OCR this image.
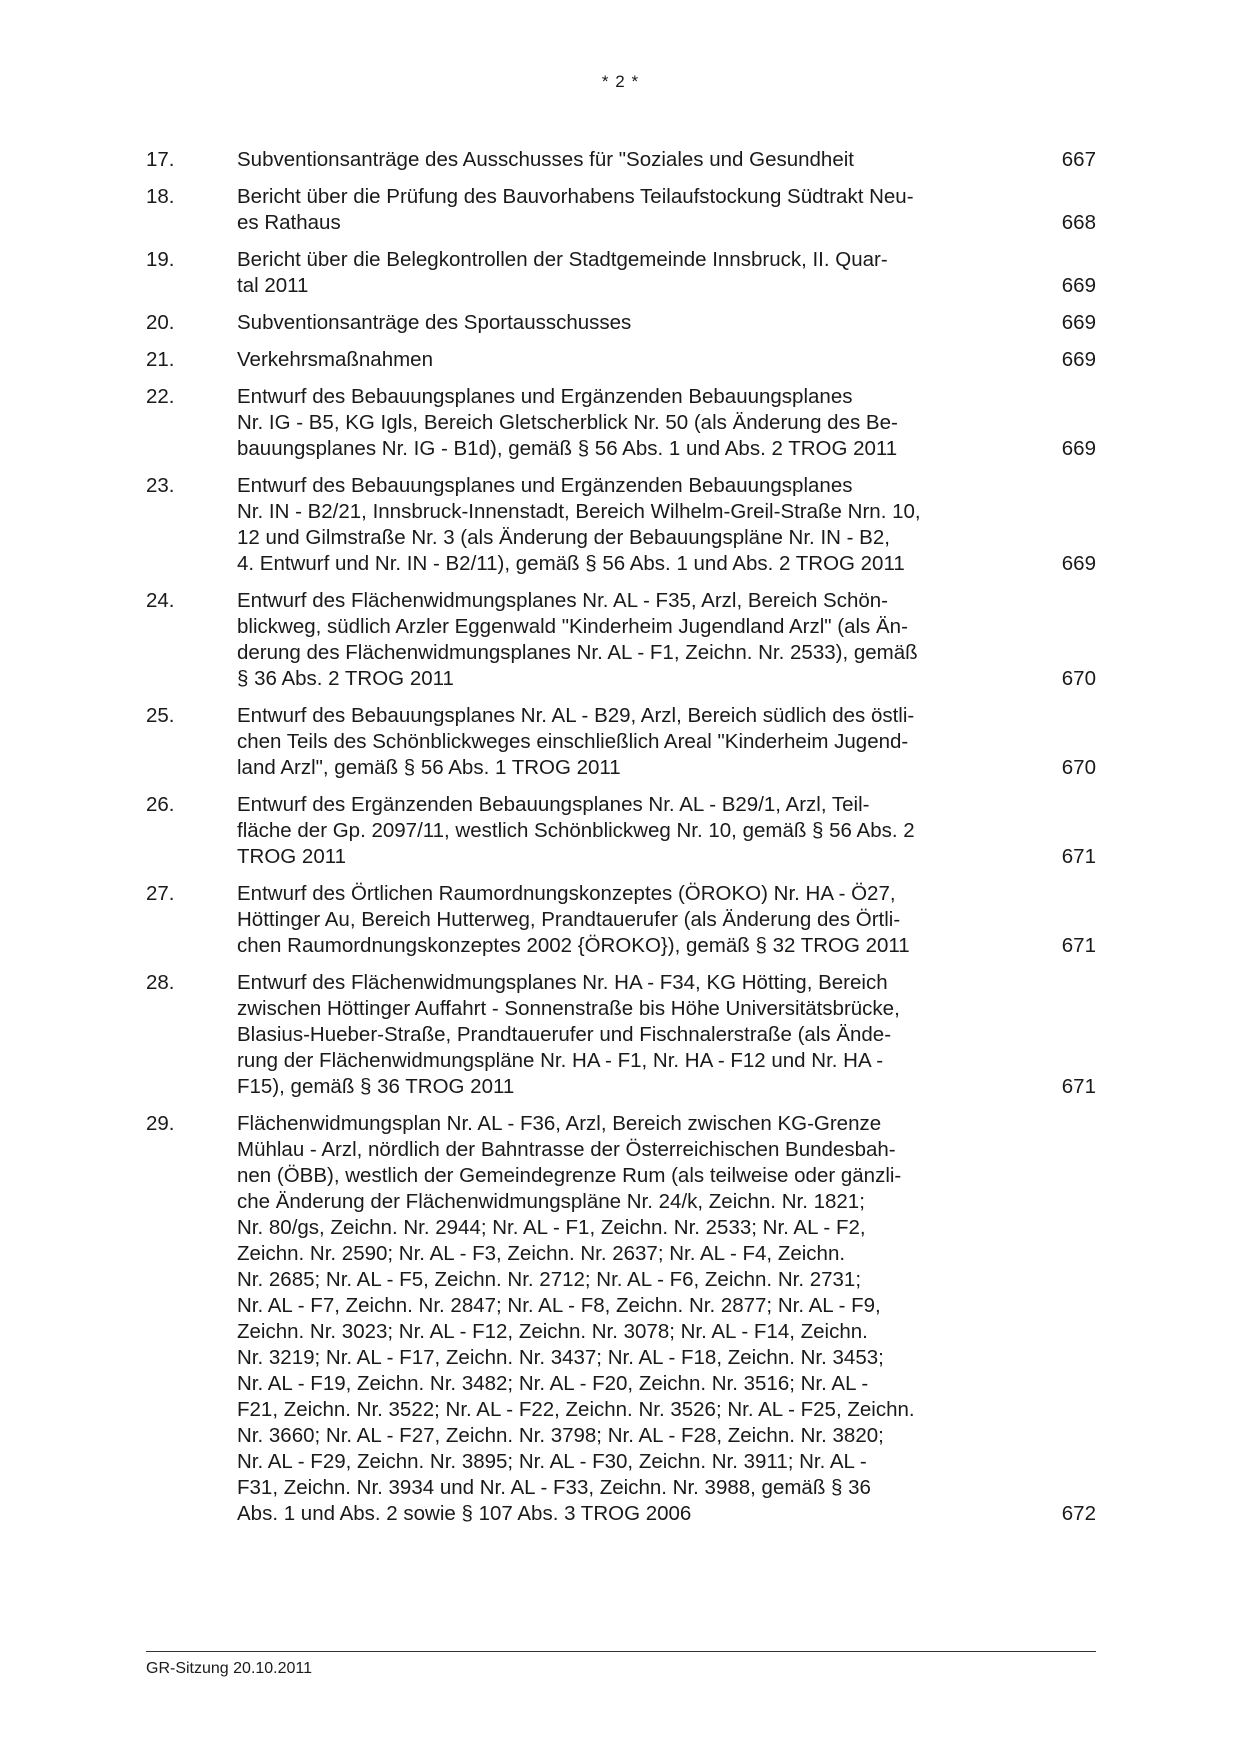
* 2 *
17.	Subventionsanträge des Ausschusses für "Soziales und Gesundheit	667
18.	Bericht über die Prüfung des Bauvorhabens Teilaufstockung Südtrakt Neu-
es Rathaus	668
19.	Bericht über die Belegkontrollen der Stadtgemeinde Innsbruck, II. Quar-
tal 2011	669
20.	Subventionsanträge des Sportausschusses	669
21.	Verkehrsmaßnahmen	669
22.	Entwurf des Bebauungsplanes und Ergänzenden Bebauungsplanes
Nr. IG - B5, KG Igls, Bereich Gletscherblick Nr. 50 (als Änderung des Be-
bauungsplanes Nr. IG - B1d), gemäß § 56 Abs. 1 und Abs. 2 TROG 2011	669
23.	Entwurf des Bebauungsplanes und Ergänzenden Bebauungsplanes
Nr. IN - B2/21, Innsbruck-Innenstadt, Bereich Wilhelm-Greil-Straße Nrn. 10,
12 und Gilmstraße Nr. 3 (als Änderung der Bebauungspläne Nr. IN - B2,
4. Entwurf und Nr. IN - B2/11), gemäß § 56 Abs. 1 und Abs. 2 TROG 2011	669
24.	Entwurf des Flächenwidmungsplanes Nr. AL - F35, Arzl, Bereich Schön-
blickweg, südlich Arzler Eggenwald "Kinderheim Jugendland Arzl" (als Än-
derung des Flächenwidmungsplanes Nr. AL - F1, Zeichn. Nr. 2533), gemäß
§ 36 Abs. 2 TROG 2011	670
25.	Entwurf des Bebauungsplanes Nr. AL - B29, Arzl, Bereich südlich des östli-
chen Teils des Schönblickweges einschließlich Areal "Kinderheim Jugend-
land Arzl", gemäß § 56 Abs. 1 TROG 2011	670
26.	Entwurf des Ergänzenden Bebauungsplanes Nr. AL - B29/1, Arzl, Teil-
fläche der Gp. 2097/11, westlich Schönblickweg Nr. 10, gemäß § 56 Abs. 2
TROG 2011	671
27.	Entwurf des Örtlichen Raumordnungskonzeptes (ÖROKO) Nr. HA - Ö27,
Höttinger Au, Bereich Hutterweg, Prandtauerufer (als Änderung des Örtli-
chen Raumordnungskonzeptes 2002 {ÖROKO}), gemäß § 32 TROG 2011	671
28.	Entwurf des Flächenwidmungsplanes Nr. HA - F34, KG Hötting, Bereich
zwischen Höttinger Auffahrt - Sonnenstraße bis Höhe Universitätsbrücke,
Blasius-Hueber-Straße, Prandtauerufer und Fischnalerstraße (als Ände-
rung der Flächenwidmungspläne Nr. HA - F1, Nr. HA - F12 und Nr. HA -
F15), gemäß § 36 TROG 2011	671
29.	Flächenwidmungsplan Nr. AL - F36, Arzl, Bereich zwischen KG-Grenze
Mühlau - Arzl, nördlich der Bahntrasse der Österreichischen Bundesbah-
nen (ÖBB), westlich der Gemeindegrenze Rum (als teilweise oder gänzli-
che Änderung der Flächenwidmungspläne Nr. 24/k, Zeichn. Nr. 1821;
Nr. 80/gs, Zeichn. Nr. 2944; Nr. AL - F1, Zeichn. Nr. 2533; Nr. AL - F2,
Zeichn. Nr. 2590; Nr. AL - F3, Zeichn. Nr. 2637; Nr. AL - F4, Zeichn.
Nr. 2685; Nr. AL - F5, Zeichn. Nr. 2712; Nr. AL - F6, Zeichn. Nr. 2731;
Nr. AL - F7, Zeichn. Nr. 2847; Nr. AL - F8, Zeichn. Nr. 2877; Nr. AL - F9,
Zeichn. Nr. 3023; Nr. AL - F12, Zeichn. Nr. 3078; Nr. AL - F14, Zeichn.
Nr. 3219; Nr. AL - F17, Zeichn. Nr. 3437; Nr. AL - F18, Zeichn. Nr. 3453;
Nr. AL - F19, Zeichn. Nr. 3482; Nr. AL - F20, Zeichn. Nr. 3516; Nr. AL -
F21, Zeichn. Nr. 3522; Nr. AL - F22, Zeichn. Nr. 3526; Nr. AL - F25, Zeichn.
Nr. 3660; Nr. AL - F27, Zeichn. Nr. 3798; Nr. AL - F28, Zeichn. Nr. 3820;
Nr. AL - F29, Zeichn. Nr. 3895; Nr. AL - F30, Zeichn. Nr. 3911; Nr. AL -
F31, Zeichn. Nr. 3934 und Nr. AL - F33, Zeichn. Nr. 3988, gemäß § 36
Abs. 1 und Abs. 2 sowie § 107 Abs. 3 TROG 2006	672
GR-Sitzung 20.10.2011
